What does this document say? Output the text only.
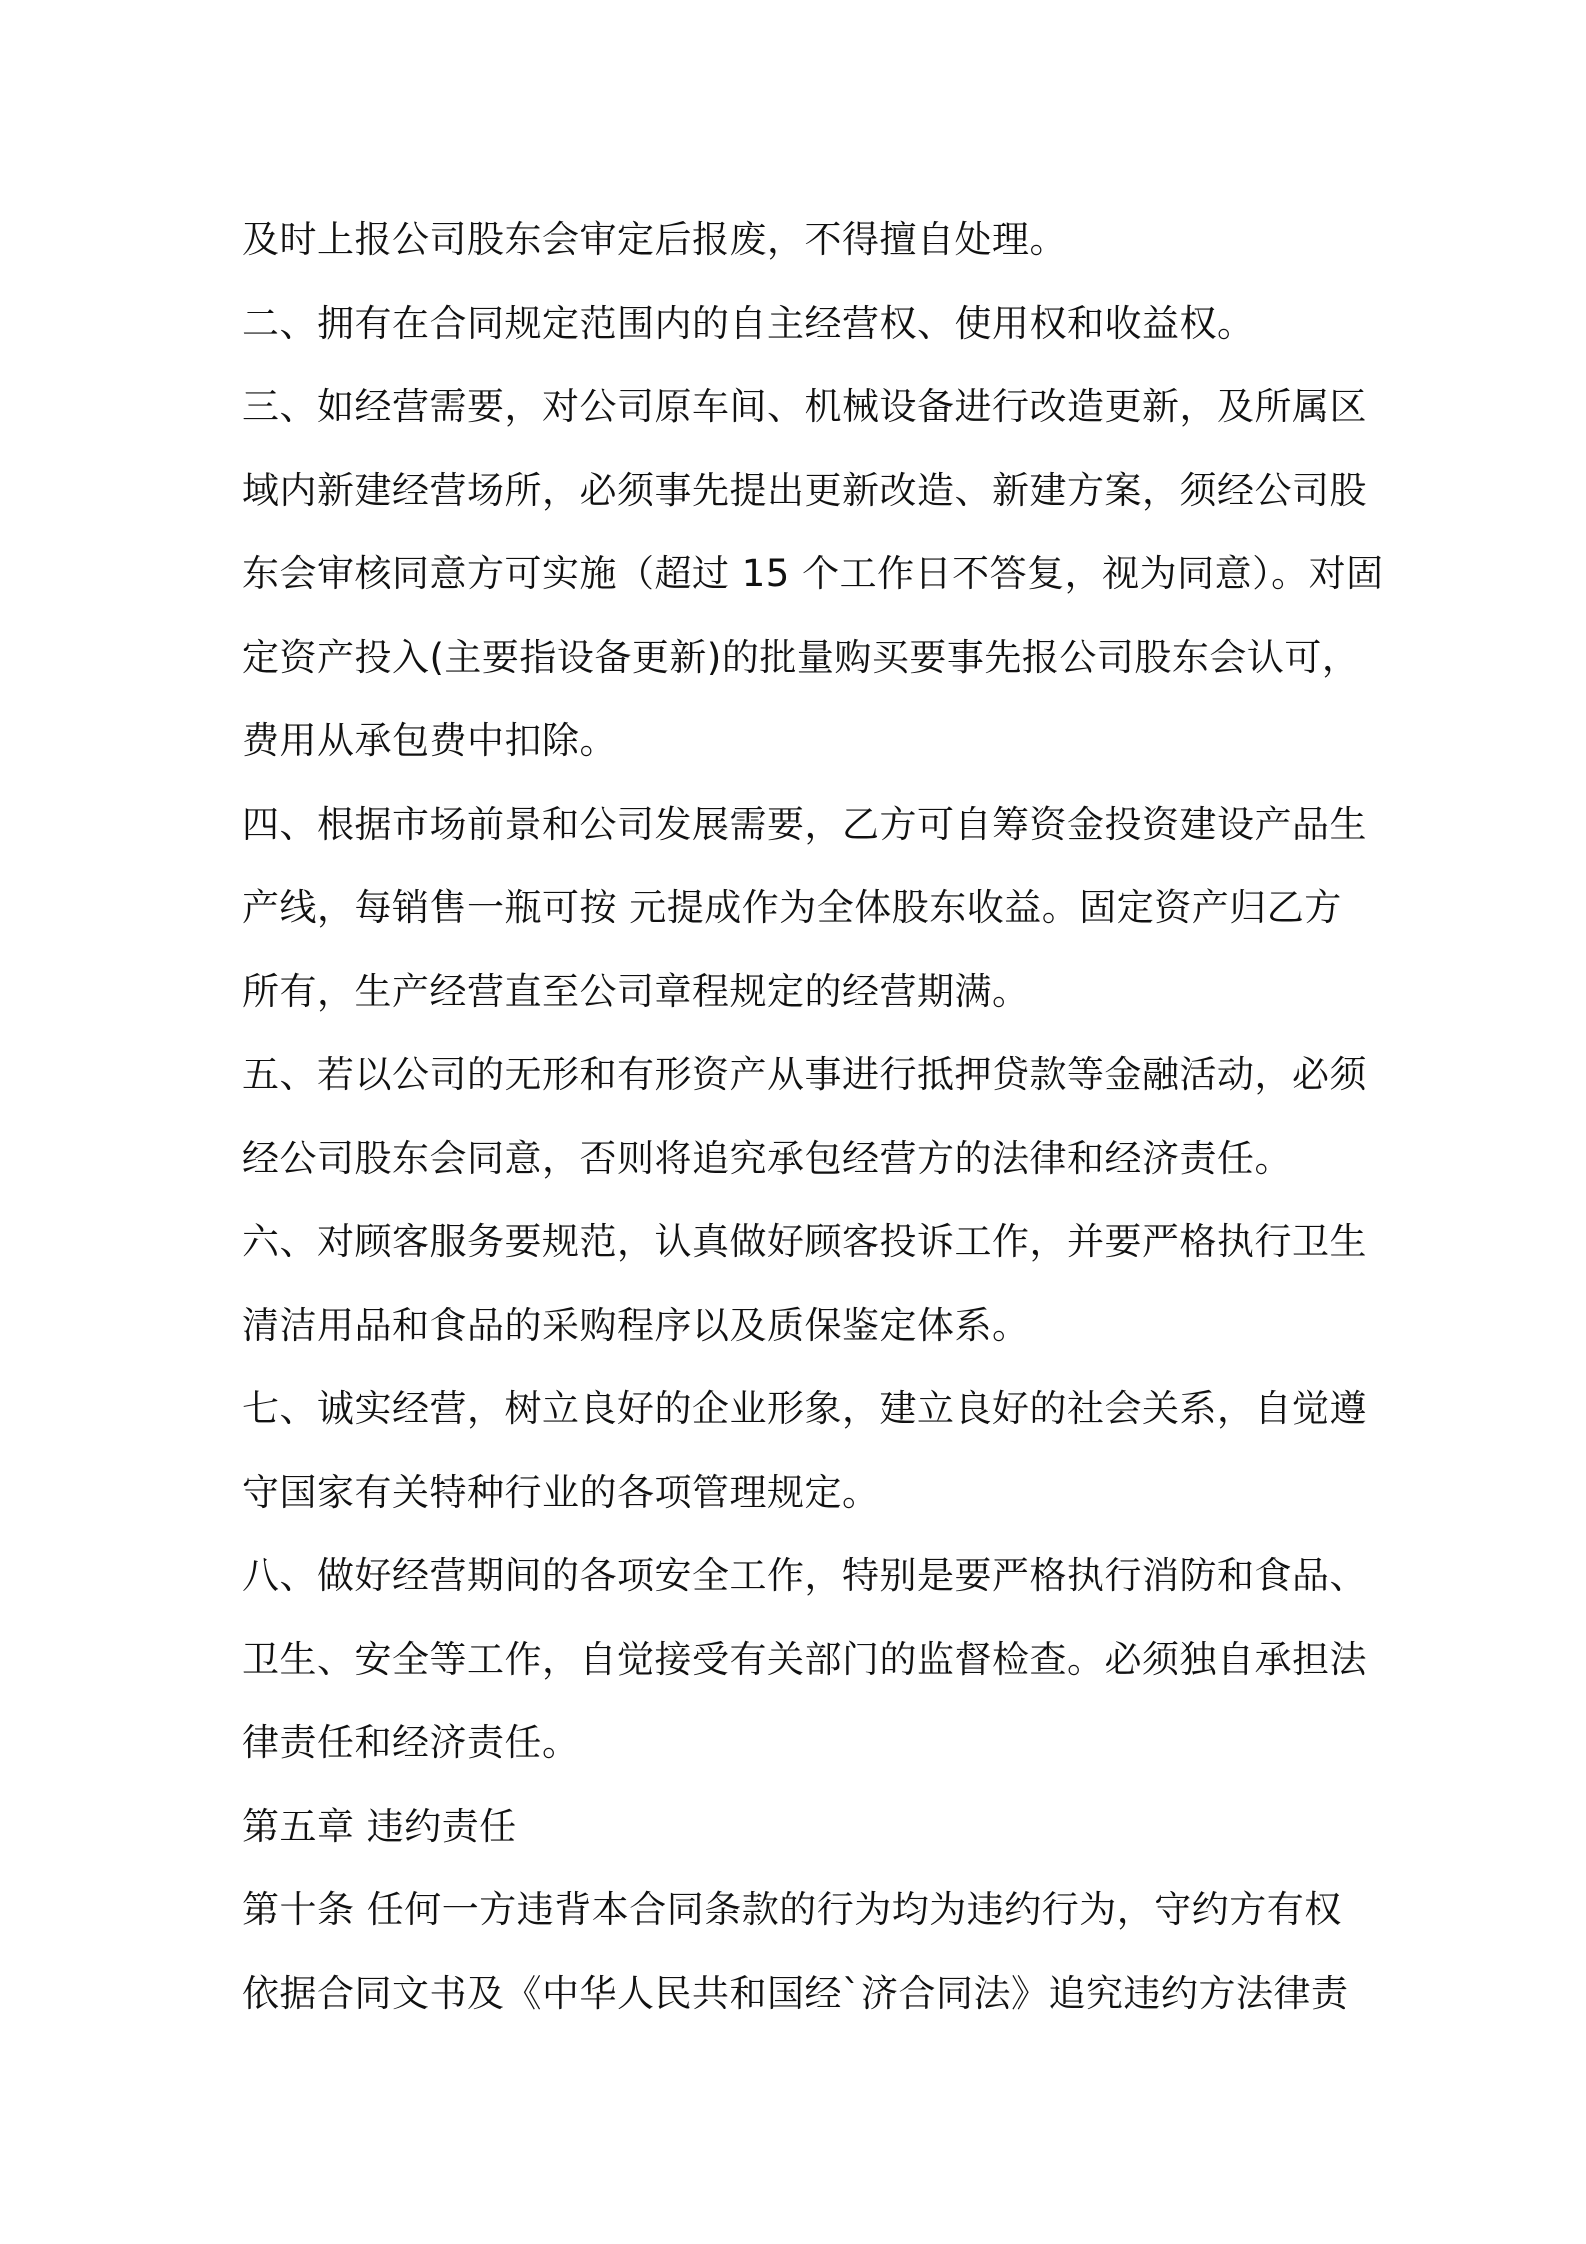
及时上报公司股东会审定后报废，不得擅自处理。
二、拥有在合同规定范围内的自主经营权、使用权和收益权。
三、如经营需要，对公司原车间、机械设备进行改造更新，及所属区
域内新建经营场所，必须事先提出更新改造、新建方案，须经公司股
东会审核同意方可实施（超过 15 个工作日不答复，视为同意）。对固
定资产投入(主要指设备更新)的批量购买要事先报公司股东会认可，
费用从承包费中扣除。
四、根据市场前景和公司发展需要，乙方可自筹资金投资建设产品生
产线，每销售一瓶可按 元提成作为全体股东收益。固定资产归乙方
所有，生产经营直至公司章程规定的经营期满。
五、若以公司的无形和有形资产从事进行抵押贷款等金融活动，必须
经公司股东会同意，否则将追究承包经营方的法律和经济责任。
六、对顾客服务要规范，认真做好顾客投诉工作，并要严格执行卫生
清洁用品和食品的采购程序以及质保鉴定体系。
七、诚实经营，树立良好的企业形象，建立良好的社会关系，自觉遵
守国家有关特种行业的各项管理规定。
八、做好经营期间的各项安全工作，特别是要严格执行消防和食品、
卫生、安全等工作，自觉接受有关部门的监督检查。必须独自承担法
律责任和经济责任。
第五章 违约责任
第十条 任何一方违背本合同条款的行为均为违约行为，守约方有权
依据合同文书及《中华人民共和国经`济合同法》追究违约方法律责
